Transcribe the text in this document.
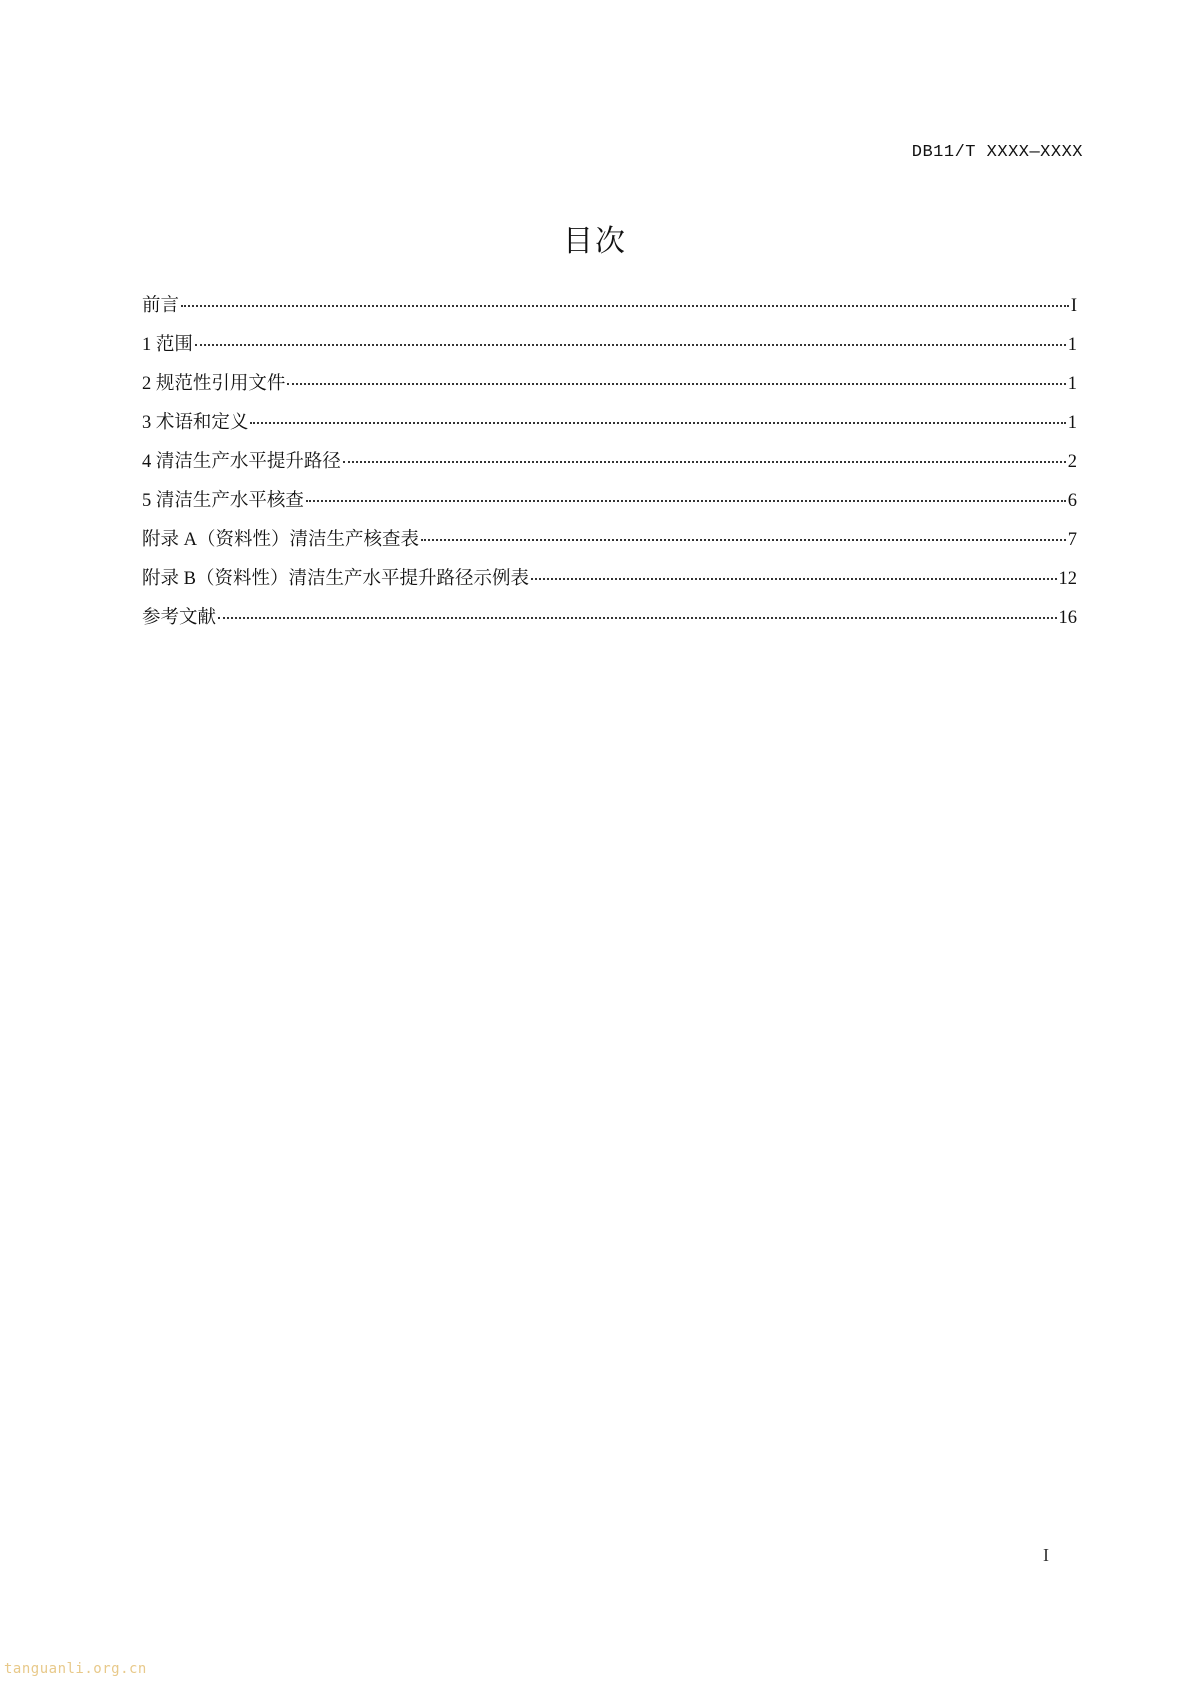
DB11/T XXXX—XXXX
目次
前言	I
1 范围	1
2 规范性引用文件	1
3 术语和定义	1
4 清洁生产水平提升路径	2
5 清洁生产水平核查	6
附录 A（资料性）清洁生产核查表	7
附录 B（资料性）清洁生产水平提升路径示例表	12
参考文献	16
I
tanguanli.org.cn
